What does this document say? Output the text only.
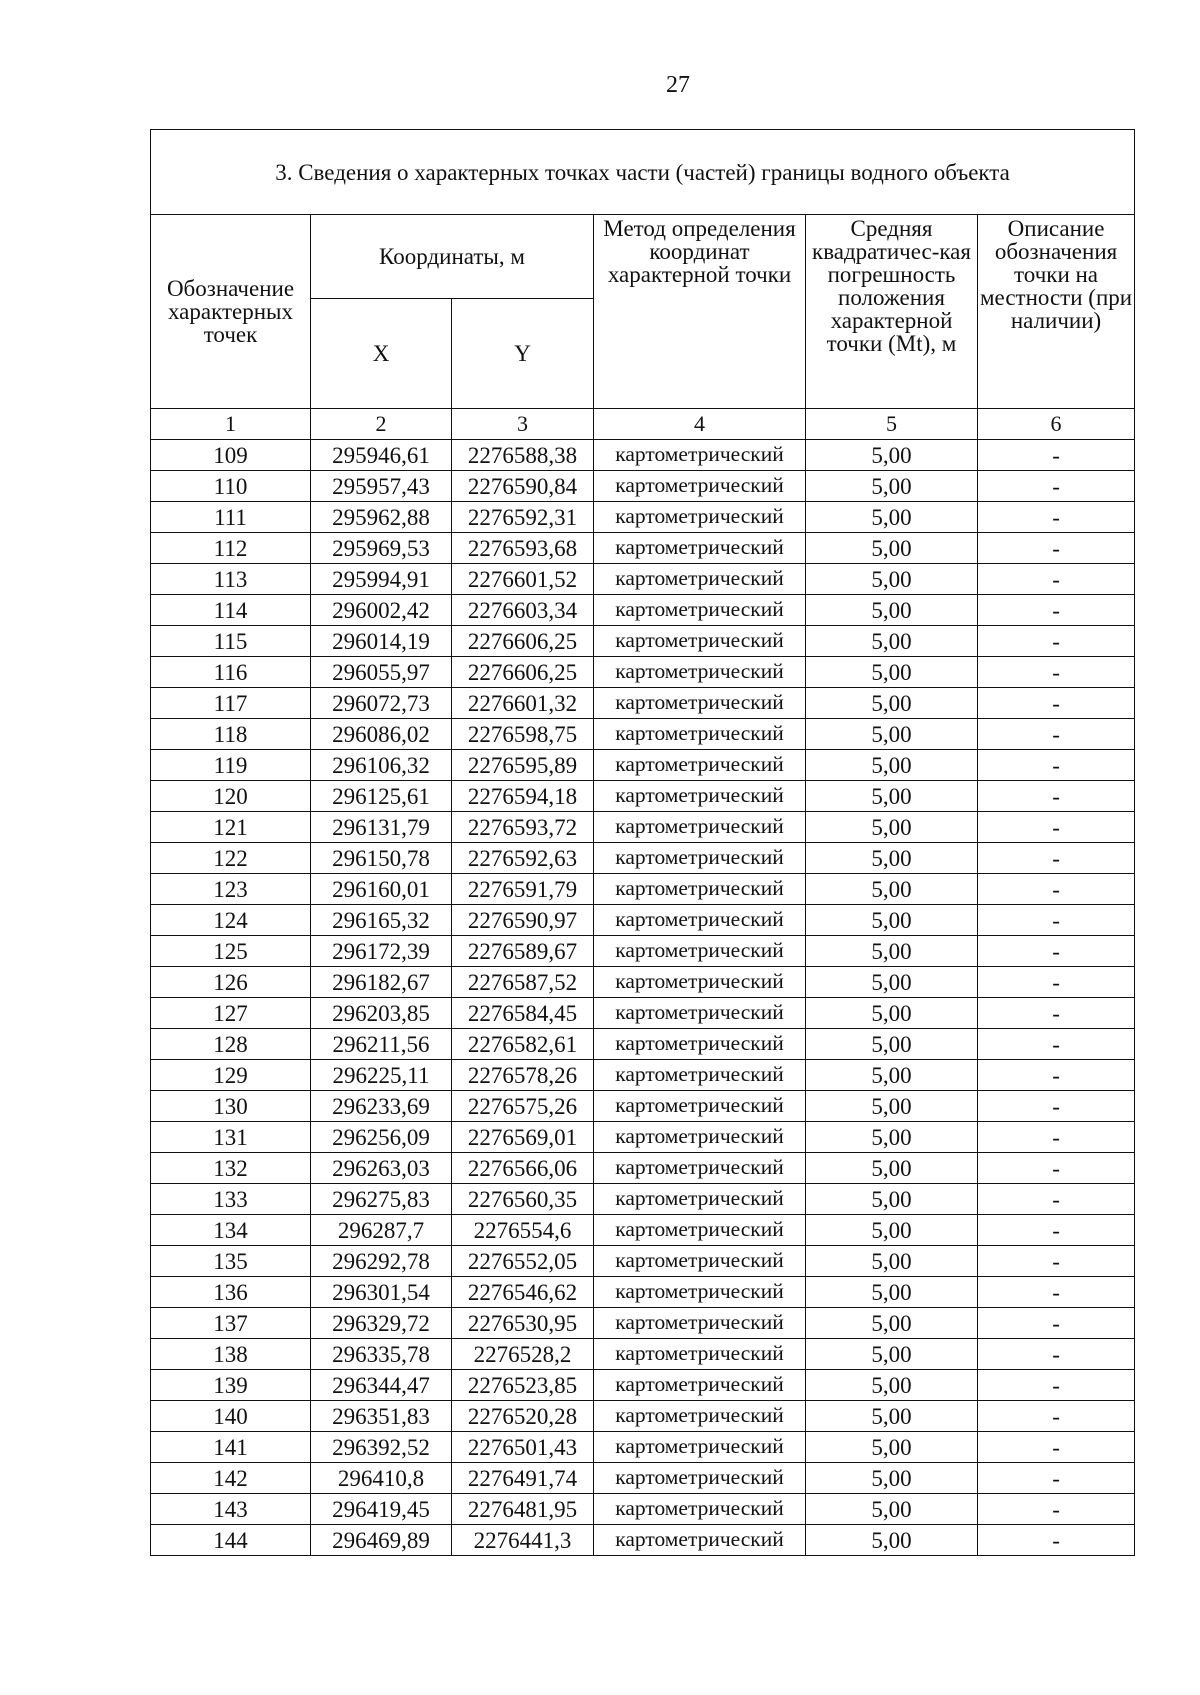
27
3. Сведения о характерных точках части (частей) границы водного объекта					
Обозначение характерных точек	Координаты, м		Метод определения координат характерной точки	Средняя квадратичес-кая погрешность положения характерной точки (Mt), м	Описание обозначения точки на местности (при наличии)
	X	Y			
1	2	3	4	5	6
109	295946,61	2276588,38	картометрический	5,00	-
110	295957,43	2276590,84	картометрический	5,00	-
111	295962,88	2276592,31	картометрический	5,00	-
112	295969,53	2276593,68	картометрический	5,00	-
113	295994,91	2276601,52	картометрический	5,00	-
114	296002,42	2276603,34	картометрический	5,00	-
115	296014,19	2276606,25	картометрический	5,00	-
116	296055,97	2276606,25	картометрический	5,00	-
117	296072,73	2276601,32	картометрический	5,00	-
118	296086,02	2276598,75	картометрический	5,00	-
119	296106,32	2276595,89	картометрический	5,00	-
120	296125,61	2276594,18	картометрический	5,00	-
121	296131,79	2276593,72	картометрический	5,00	-
122	296150,78	2276592,63	картометрический	5,00	-
123	296160,01	2276591,79	картометрический	5,00	-
124	296165,32	2276590,97	картометрический	5,00	-
125	296172,39	2276589,67	картометрический	5,00	-
126	296182,67	2276587,52	картометрический	5,00	-
127	296203,85	2276584,45	картометрический	5,00	-
128	296211,56	2276582,61	картометрический	5,00	-
129	296225,11	2276578,26	картометрический	5,00	-
130	296233,69	2276575,26	картометрический	5,00	-
131	296256,09	2276569,01	картометрический	5,00	-
132	296263,03	2276566,06	картометрический	5,00	-
133	296275,83	2276560,35	картометрический	5,00	-
134	296287,7	2276554,6	картометрический	5,00	-
135	296292,78	2276552,05	картометрический	5,00	-
136	296301,54	2276546,62	картометрический	5,00	-
137	296329,72	2276530,95	картометрический	5,00	-
138	296335,78	2276528,2	картометрический	5,00	-
139	296344,47	2276523,85	картометрический	5,00	-
140	296351,83	2276520,28	картометрический	5,00	-
141	296392,52	2276501,43	картометрический	5,00	-
142	296410,8	2276491,74	картометрический	5,00	-
143	296419,45	2276481,95	картометрический	5,00	-
144	296469,89	2276441,3	картометрический	5,00	-
